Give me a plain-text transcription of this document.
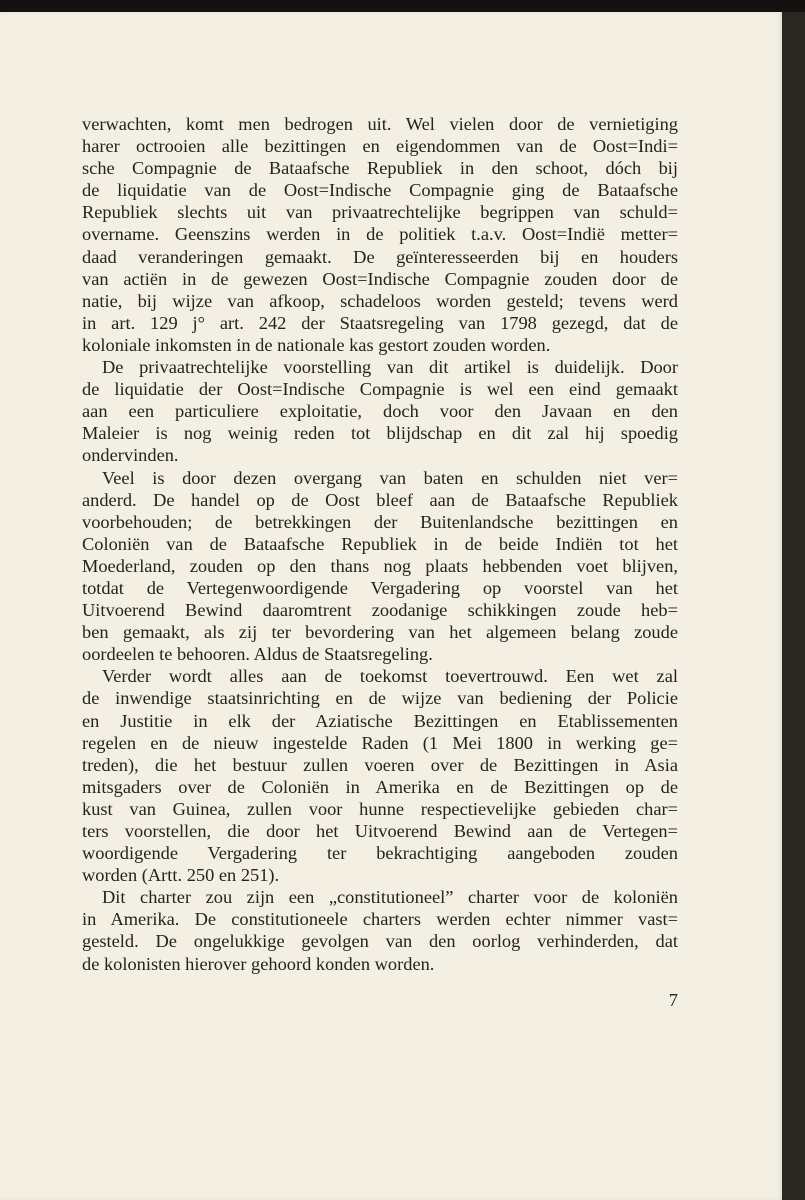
verwachten, komt men bedrogen uit. Wel vielen door de vernietiging
harer octrooien alle bezittingen en eigendommen van de Oost=Indi=
sche Compagnie de Bataafsche Republiek in den schoot, dóch bij
de liquidatie van de Oost=Indische Compagnie ging de Bataafsche
Republiek slechts uit van privaatrechtelijke begrippen van schuld=
overname. Geenszins werden in de politiek t.a.v. Oost=Indië metter=
daad veranderingen gemaakt. De geïnteresseerden bij en houders
van actiën in de gewezen Oost=Indische Compagnie zouden door de
natie, bij wijze van afkoop, schadeloos worden gesteld; tevens werd
in art. 129 j° art. 242 der Staatsregeling van 1798 gezegd, dat de
koloniale inkomsten in de nationale kas gestort zouden worden.
De privaatrechtelijke voorstelling van dit artikel is duidelijk. Door
de liquidatie der Oost=Indische Compagnie is wel een eind gemaakt
aan een particuliere exploitatie, doch voor den Javaan en den
Maleier is nog weinig reden tot blijdschap en dit zal hij spoedig
ondervinden.
Veel is door dezen overgang van baten en schulden niet ver=
anderd. De handel op de Oost bleef aan de Bataafsche Republiek
voorbehouden; de betrekkingen der Buitenlandsche bezittingen en
Coloniën van de Bataafsche Republiek in de beide Indiën tot het
Moederland, zouden op den thans nog plaats hebbenden voet blijven,
totdat de Vertegenwoordigende Vergadering op voorstel van het
Uitvoerend Bewind daaromtrent zoodanige schikkingen zoude heb=
ben gemaakt, als zij ter bevordering van het algemeen belang zoude
oordeelen te behooren. Aldus de Staatsregeling.
Verder wordt alles aan de toekomst toevertrouwd. Een wet zal
de inwendige staatsinrichting en de wijze van bediening der Policie
en Justitie in elk der Aziatische Bezittingen en Etablissementen
regelen en de nieuw ingestelde Raden (1 Mei 1800 in werking ge=
treden), die het bestuur zullen voeren over de Bezittingen in Asia
mitsgaders over de Coloniën in Amerika en de Bezittingen op de
kust van Guinea, zullen voor hunne respectievelijke gebieden char=
ters voorstellen, die door het Uitvoerend Bewind aan de Vertegen=
woordigende Vergadering ter bekrachtiging aangeboden zouden
worden (Artt. 250 en 251).
Dit charter zou zijn een „constitutioneel” charter voor de koloniën
in Amerika. De constitutioneele charters werden echter nimmer vast=
gesteld. De ongelukkige gevolgen van den oorlog verhinderden, dat
de kolonisten hierover gehoord konden worden.
7
